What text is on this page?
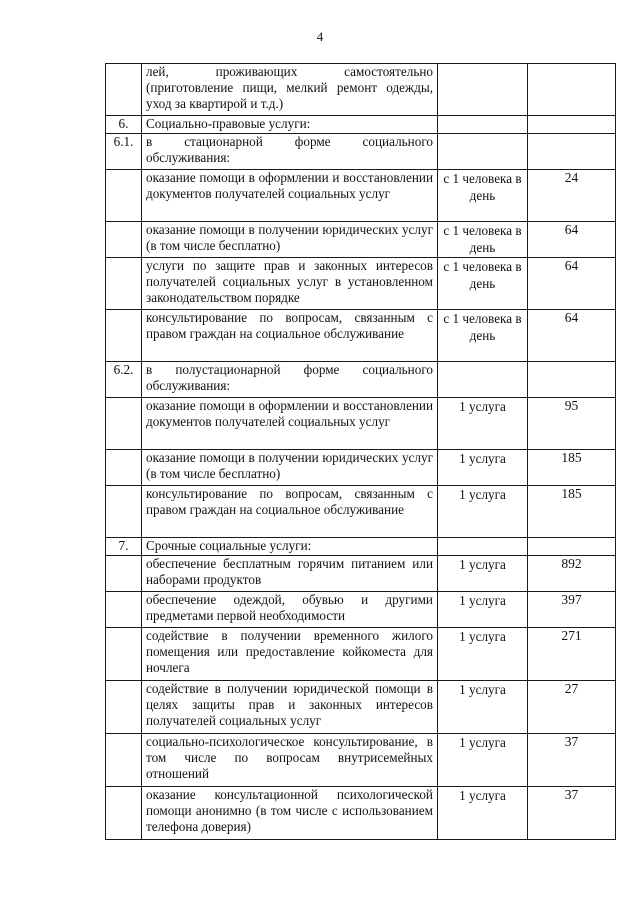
4
	лей, проживающих самостоятельно (приготовление пищи, мелкий ремонт одежды, уход за квартирой и т.д.)	

6.	Социально-правовые услуги:	

6.1.	в стационарной форме социального обслуживания:	

	оказание помощи в оформлении и восстановлении документов получателей социальных услуг	с 1 человека в день	24
	оказание помощи в получении юридических услуг (в том числе бесплатно)	с 1 человека в день	64
	услуги по защите прав и законных интересов получателей социальных услуг в установленном законодательством порядке	с 1 человека в день	64
	консультирование по вопросам, связанным с правом граждан на социальное обслуживание	с 1 человека в день	64
6.2.	в полустационарной форме социального обслуживания:	

	оказание помощи в оформлении и восстановлении документов получателей социальных услуг	1 услуга	95
	оказание помощи в получении юридических услуг (в том числе бесплатно)	1 услуга	185
	консультирование по вопросам, связанным с правом граждан на социальное обслуживание	1 услуга	185
7.	Срочные социальные услуги:	

	обеспечение бесплатным горячим питанием или наборами продуктов	1 услуга	892
	обеспечение одеждой, обувью и другими предметами первой необходимости	1 услуга	397
	содействие в получении временного жилого помещения или предоставление койкоместа для ночлега	1 услуга	271
	содействие в получении юридической помощи в целях защиты прав и законных интересов получателей социальных услуг	1 услуга	27
	социально-психологическое консультирование, в том числе по вопросам внутрисемейных отношений	1 услуга	37
	оказание консультационной психологической помощи анонимно (в том числе с использованием телефона доверия)	1 услуга	37
